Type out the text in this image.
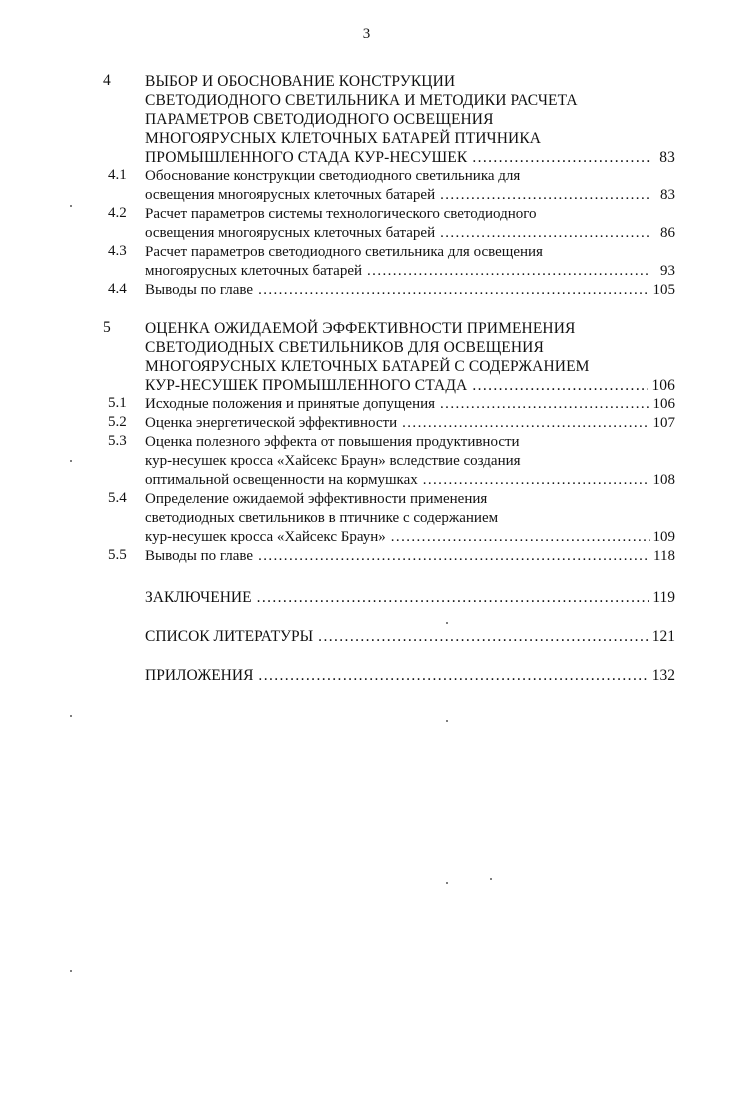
3
4 ВЫБОР И ОБОСНОВАНИЕ КОНСТРУКЦИИ
СВЕТОДИОДНОГО СВЕТИЛЬНИКА И МЕТОДИКИ РАСЧЕТА
ПАРАМЕТРОВ СВЕТОДИОДНОГО ОСВЕЩЕНИЯ
МНОГОЯРУСНЫХ КЛЕТОЧНЫХ БАТАРЕЙ ПТИЧНИКА
ПРОМЫШЛЕННОГО СТАДА КУР-НЕСУШЕК .....	83
4.1 Обоснование конструкции светодиодного светильника для
освещения многоярусных клеточных батарей .....	83
4.2 Расчет параметров системы технологического светодиодного
освещения многоярусных клеточных батарей .....	86
4.3 Расчет параметров светодиодного светильника для освещения
многоярусных клеточных батарей .....	93
4.4 Выводы по главе .....	105
5 ОЦЕНКА ОЖИДАЕМОЙ ЭФФЕКТИВНОСТИ ПРИМЕНЕНИЯ
СВЕТОДИОДНЫХ СВЕТИЛЬНИКОВ ДЛЯ ОСВЕЩЕНИЯ
МНОГОЯРУСНЫХ КЛЕТОЧНЫХ БАТАРЕЙ С СОДЕРЖАНИЕМ
КУР-НЕСУШЕК ПРОМЫШЛЕННОГО СТАДА .....	106
5.1 Исходные положения и принятые допущения .....	106
5.2 Оценка энергетической эффективности .....	107
5.3 Оценка полезного эффекта от повышения продуктивности
кур-несушек кросса «Хайсекс Браун» вследствие создания
оптимальной освещенности на кормушках .....	108
5.4 Определение ожидаемой эффективности применения
светодиодных светильников в птичнике с содержанием
кур-несушек кросса «Хайсекс Браун» .....	109
5.5 Выводы по главе .....	118
ЗАКЛЮЧЕНИЕ .....	119
СПИСОК ЛИТЕРАТУРЫ .....	121
ПРИЛОЖЕНИЯ .....	132
